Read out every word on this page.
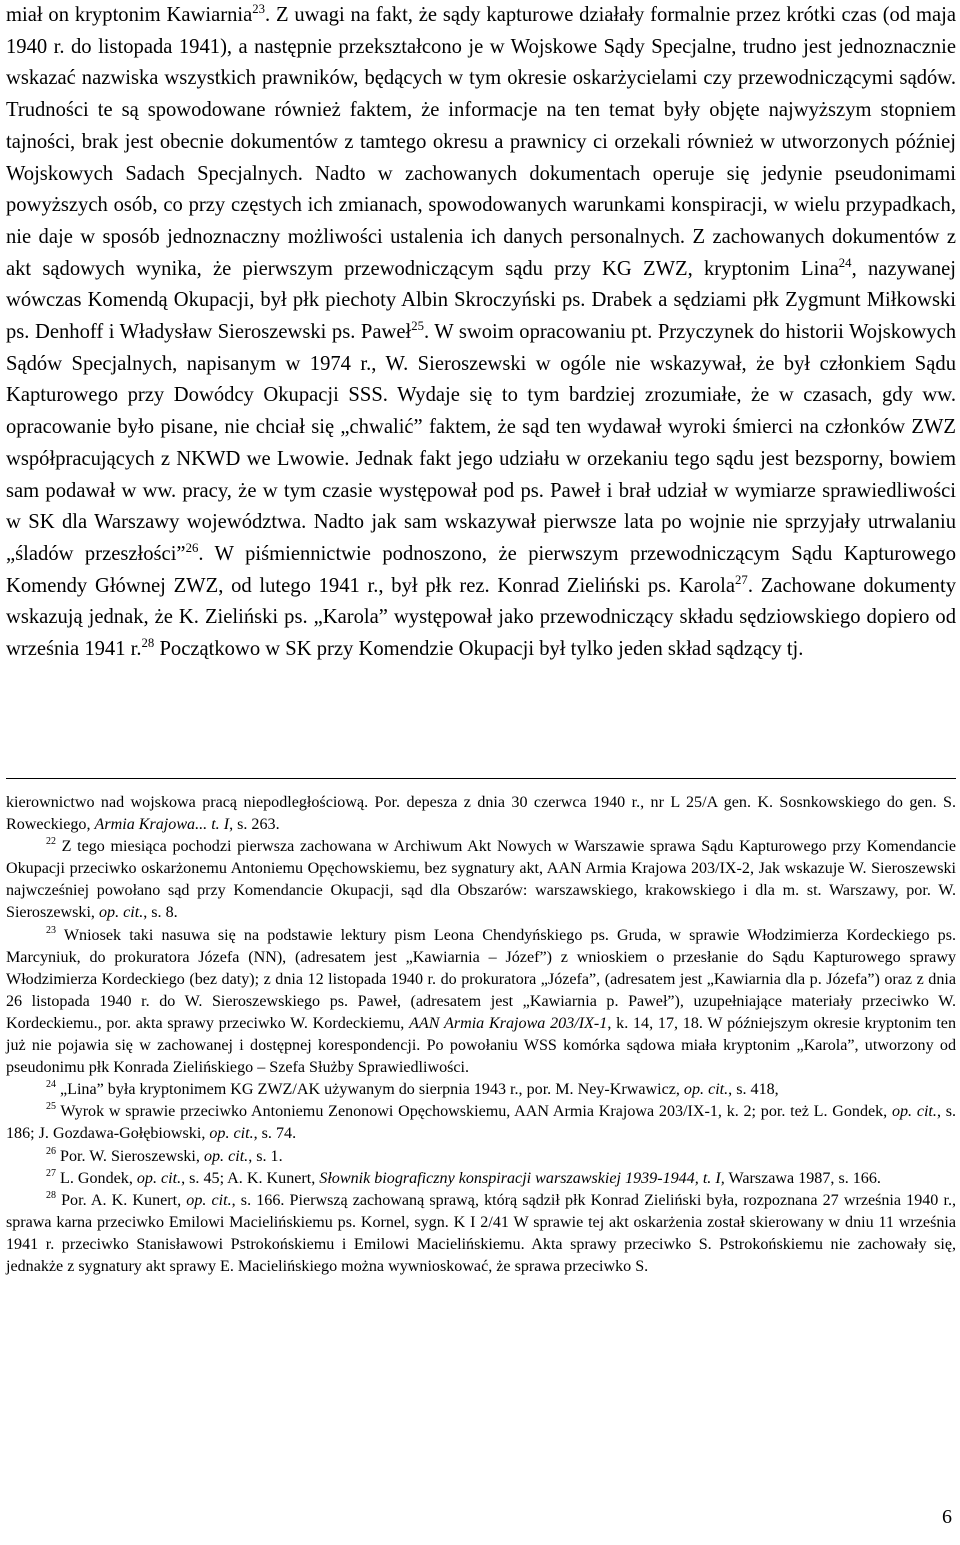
miał on kryptonim Kawiarnia$^{23}$. Z uwagi na fakt, że sądy kapturowe działały formalnie przez krótki czas (od maja 1940 r. do listopada 1941), a następnie przekształcono je w Wojskowe Sądy Specjalne, trudno jest jednoznacznie wskazać nazwiska wszystkich prawników, będących w tym okresie oskarżycielami czy przewodniczącymi sądów. Trudności te są spowodowane również faktem, że informacje na ten temat były objęte najwyższym stopniem tajności, brak jest obecnie dokumentów z tamtego okresu a prawnicy ci orzekali również w utworzonych później Wojskowych Sadach Specjalnych. Nadto w zachowanych dokumentach operuje się jedynie pseudonimami powyższych osób, co przy częstych ich zmianach, spowodowanych warunkami konspiracji, w wielu przypadkach, nie daje w sposób jednoznaczny możliwości ustalenia ich danych personalnych. Z zachowanych dokumentów z akt sądowych wynika, że pierwszym przewodniczącym sądu przy KG ZWZ, kryptonim Lina$^{24}$, nazywanej wówczas Komendą Okupacji, był płk piechoty Albin Skroczyński ps. Drabek a sędziami płk Zygmunt Miłkowski ps. Denhoff i Władysław Sieroszewski ps. Paweł$^{25}$. W swoim opracowaniu pt. Przyczynek do historii Wojskowych Sądów Specjalnych, napisanym w 1974 r., W. Sieroszewski w ogóle nie wskazywał, że był członkiem Sądu Kapturowego przy Dowódcy Okupacji SSS. Wydaje się to tym bardziej zrozumiałe, że w czasach, gdy ww. opracowanie było pisane, nie chciał się „chwalić” faktem, że sąd ten wydawał wyroki śmierci na członków ZWZ współpracujących z NKWD we Lwowie. Jednak fakt jego udziału w orzekaniu tego sądu jest bezsporny, bowiem sam podawał w ww. pracy, że w tym czasie występował pod ps. Paweł i brał udział w wymiarze sprawiedliwości w SK dla Warszawy województwa. Nadto jak sam wskazywał pierwsze lata po wojnie nie sprzyjały utrwalaniu „śladów przeszłości”$^{26}$. W piśmiennictwie podnoszono, że pierwszym przewodniczącym Sądu Kapturowego Komendy Głównej ZWZ, od lutego 1941 r., był płk rez. Konrad Zieliński ps. Karola$^{27}$. Zachowane dokumenty wskazują jednak, że K. Zieliński ps. „Karola” występował jako przewodniczący składu sędziowskiego dopiero od września 1941 r.$^{28}$ Początkowo w SK przy Komendzie Okupacji był tylko jeden skład sądzący tj.

kierownictwo nad wojskowa pracą niepodległościową. Por. depesza z dnia 30 czerwca 1940 r., nr L 25/A gen. K. Sosnkowskiego do gen. S. Roweckiego, Armia Krajowa... t. I, s. 263.

$^{22}$ Z tego miesiąca pochodzi pierwsza zachowana w Archiwum Akt Nowych w Warszawie sprawa Sądu Kapturowego przy Komendancie Okupacji przeciwko oskarżonemu Antoniemu Opęchowskiemu, bez sygnatury akt, AAN Armia Krajowa 203/IX-2, Jak wskazuje W. Sieroszewski najwcześniej powołano sąd przy Komendancie Okupacji, sąd dla Obszarów: warszawskiego, krakowskiego i dla m. st. Warszawy, por. W. Sieroszewski, op. cit., s. 8.

$^{23}$ Wniosek taki nasuwa się na podstawie lektury pism Leona Chendyńskiego ps. Gruda, w sprawie Włodzimierza Kordeckiego ps. Marcyniuk, do prokuratora Józefa (NN), (adresatem jest „Kawiarnia – Józef”) z wnioskiem o przesłanie do Sądu Kapturowego sprawy Włodzimierza Kordeckiego (bez daty); z dnia 12 listopada 1940 r. do prokuratora „Józefa”, (adresatem jest „Kawiarnia dla p. Józefa”) oraz z dnia 26 listopada 1940 r. do W. Sieroszewskiego ps. Paweł, (adresatem jest „Kawiarnia p. Paweł”), uzupełniające materiały przeciwko W. Kordeckiemu., por. akta sprawy przeciwko W. Kordeckiemu, AAN Armia Krajowa 203/IX-1, k. 14, 17, 18. W późniejszym okresie kryptonim ten już nie pojawia się w zachowanej i dostępnej korespondencji. Po powołaniu WSS komórka sądowa miała kryptonim „Karola”, utworzony od pseudonimu płk Konrada Zielińskiego – Szefa Służby Sprawiedliwości.

$^{24}$ „Lina” była kryptonimem KG ZWZ/AK używanym do sierpnia 1943 r., por. M. Ney-Krwawicz, op. cit., s. 418,

$^{25}$ Wyrok w sprawie przeciwko Antoniemu Zenonowi Opęchowskiemu, AAN Armia Krajowa 203/IX-1, k. 2; por. też L. Gondek, op. cit., s. 186; J. Gozdawa-Gołębiowski, op. cit., s. 74.

$^{26}$ Por. W. Sieroszewski, op. cit., s. 1.

$^{27}$ L. Gondek, op. cit., s. 45; A. K. Kunert, Słownik biograficzny konspiracji warszawskiej 1939-1944, t. I, Warszawa 1987, s. 166.

$^{28}$ Por. A. K. Kunert, op. cit., s. 166. Pierwszą zachowaną sprawą, którą sądził płk Konrad Zieliński była, rozpoznana 27 września 1940 r., sprawa karna przeciwko Emilowi Macielińskiemu ps. Kornel, sygn. K I 2/41 W sprawie tej akt oskarżenia został skierowany w dniu 11 września 1941 r. przeciwko Stanisławowi Pstrokońskiemu i Emilowi Macielińskiemu. Akta sprawy przeciwko S. Pstrokońskiemu nie zachowały się, jednakże z sygnatury akt sprawy E. Macielińskiego można wywnioskować, że sprawa przeciwko S.

6
